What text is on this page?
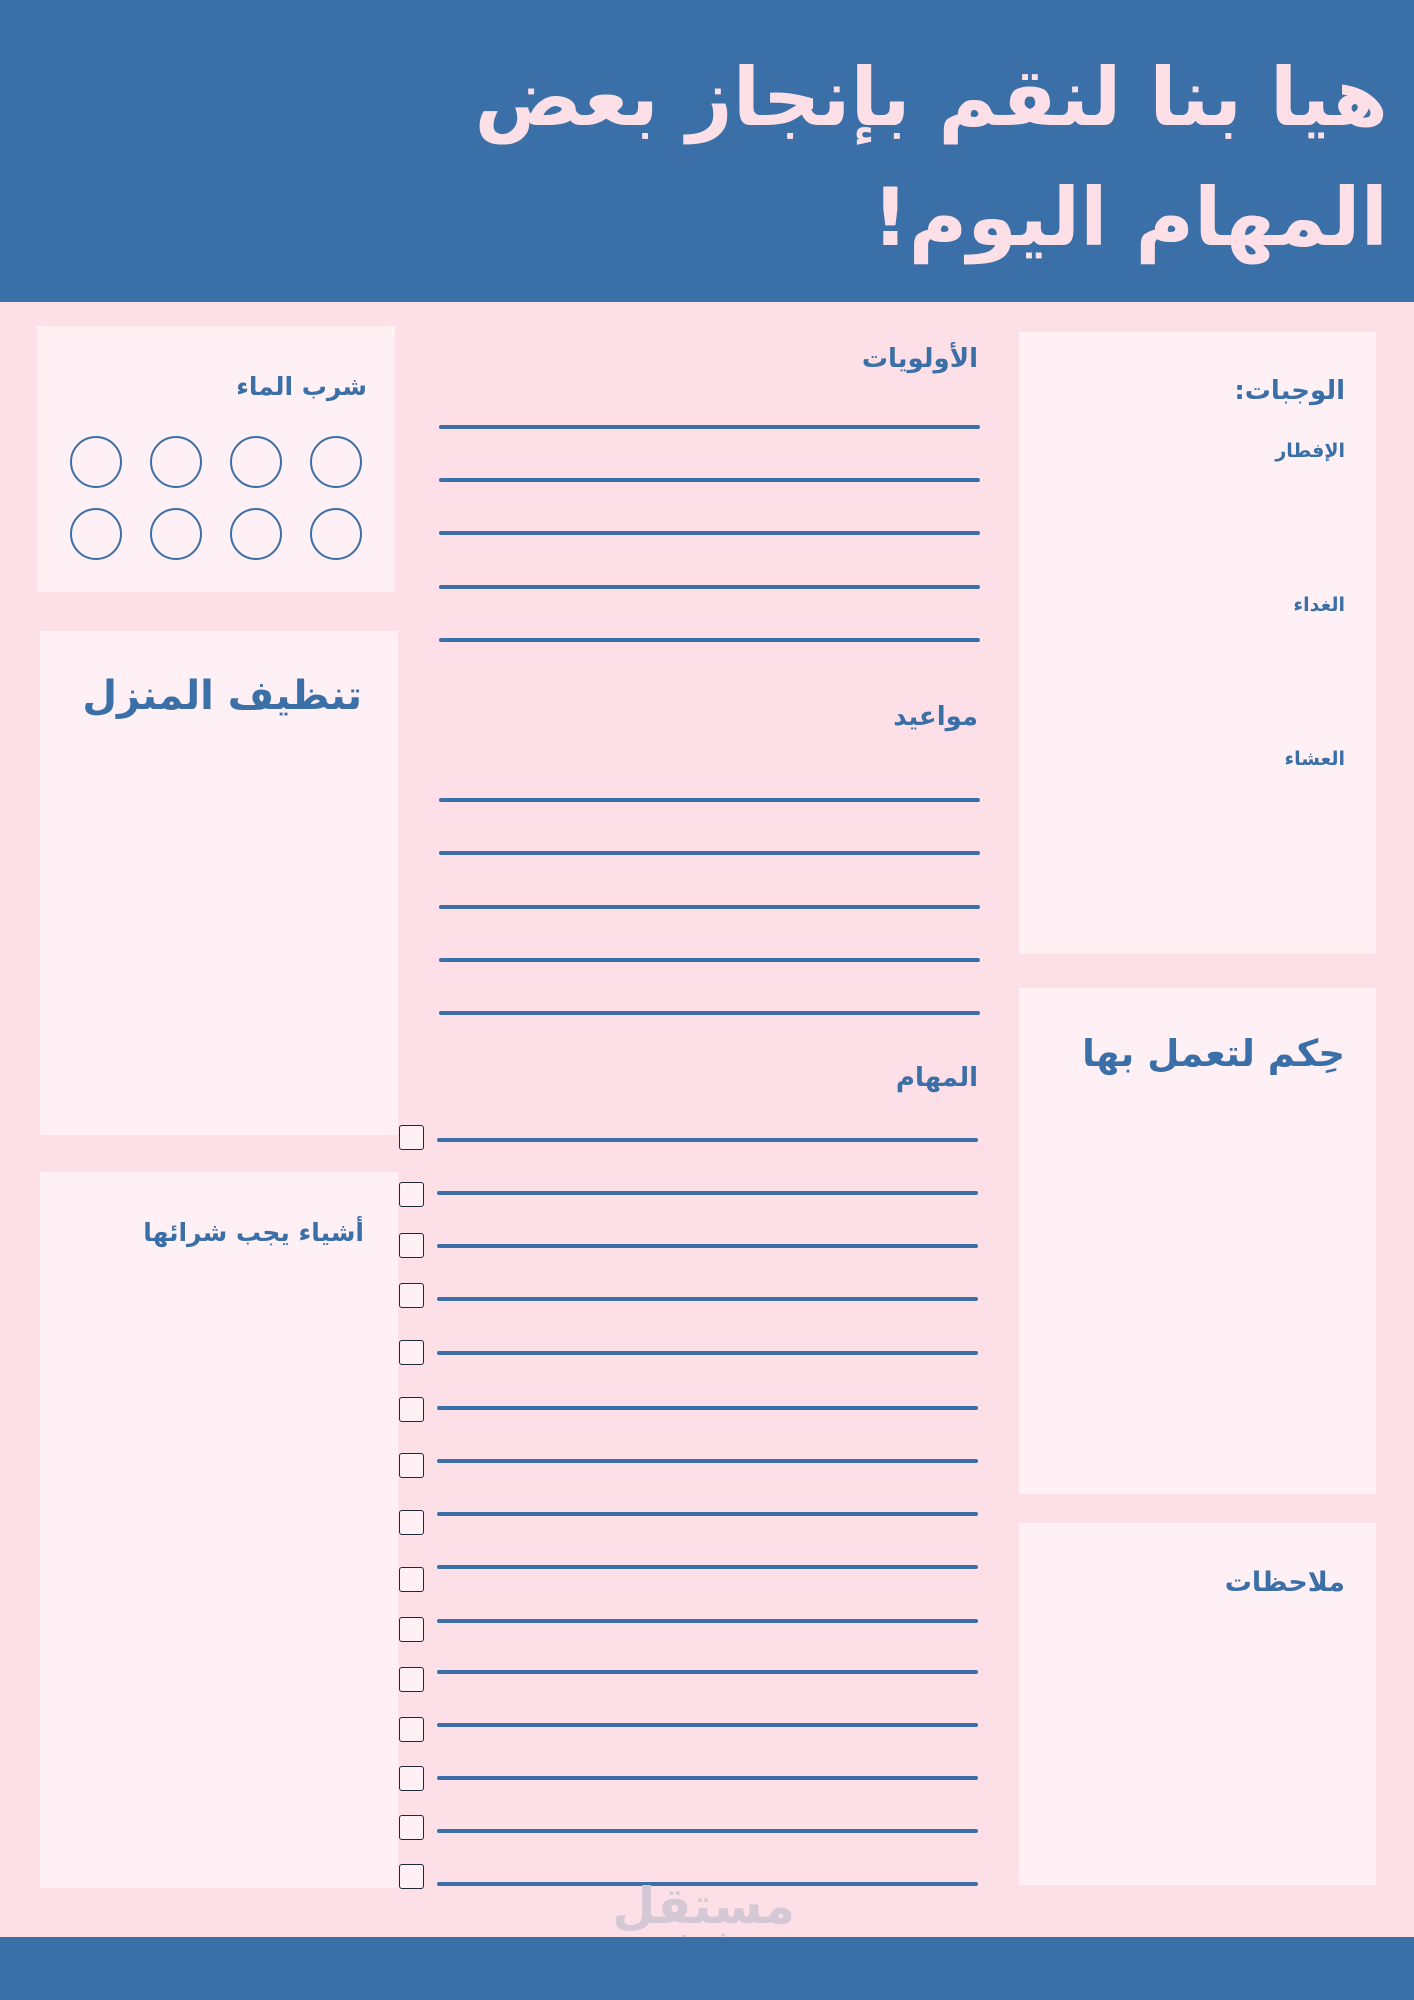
هيا بنا لنقم بإنجاز بعض المهام اليوم!
شرب الماء
تنظيف المنزل
أشياء يجب شرائها
الأولويات
مواعيد
المهام
الوجبات:
الإفطار
الغداء
العشاء
حِكم لتعمل بها
ملاحظات
مستقل
